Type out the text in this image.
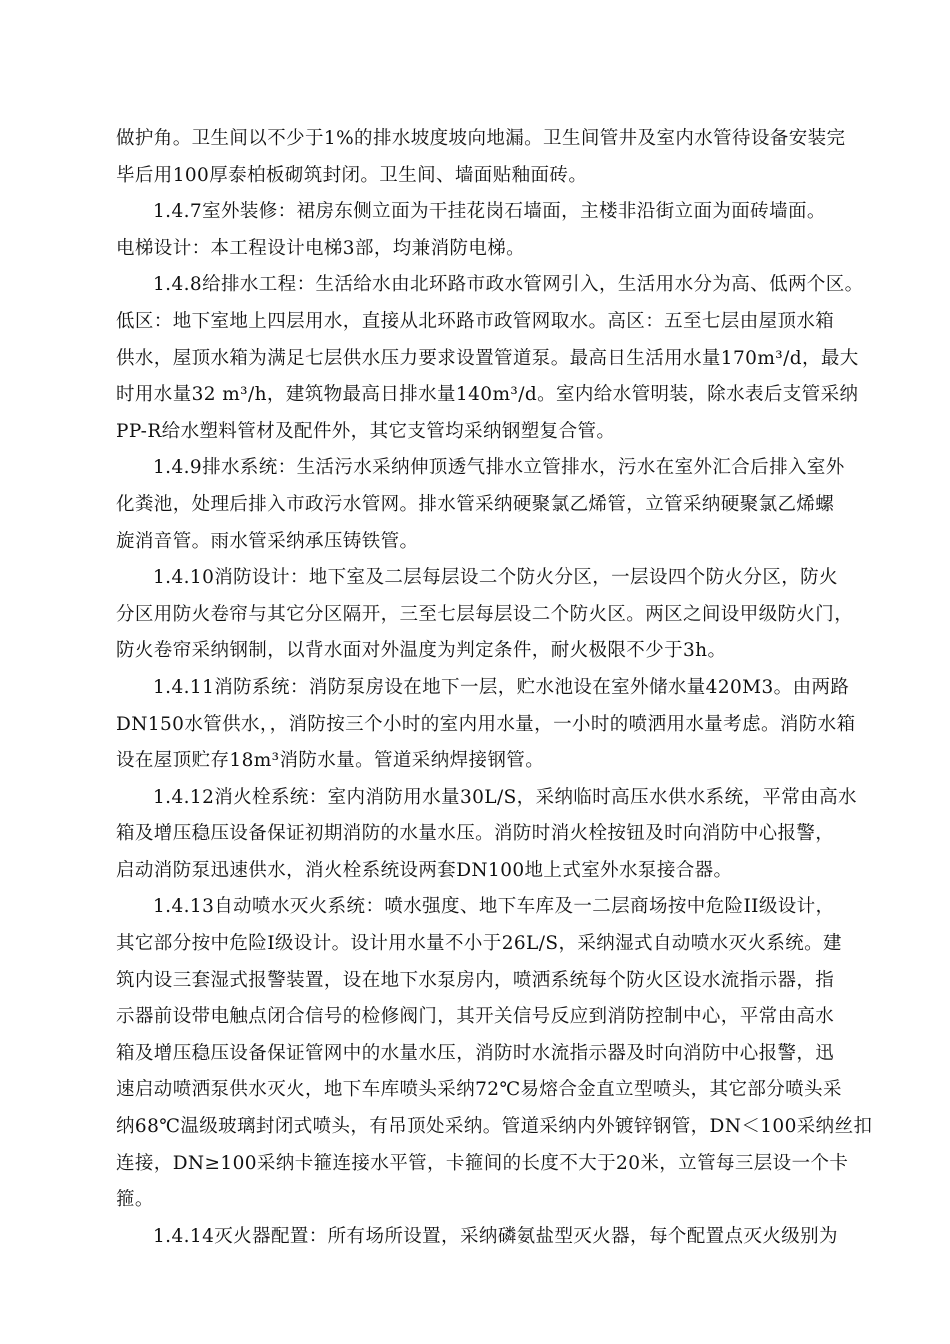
做护角。卫生间以不少于1%的排水坡度坡向地漏。卫生间管井及室内水管待设备安装完
毕后用100厚泰柏板砌筑封闭。卫生间、墙面贴釉面砖。
1.4.7室外装修：裙房东侧立面为干挂花岗石墙面，主楼非沿街立面为面砖墙面。
电梯设计：本工程设计电梯3部，均兼消防电梯。
1.4.8给排水工程：生活给水由北环路市政水管网引入，生活用水分为高、低两个区。
低区：地下室地上四层用水，直接从北环路市政管网取水。高区：五至七层由屋顶水箱
供水，屋顶水箱为满足七层供水压力要求设置管道泵。最高日生活用水量170m³/d，最大
时用水量32 m³/h，建筑物最高日排水量140m³/d。室内给水管明装，除水表后支管采纳
PP-R给水塑料管材及配件外，其它支管均采纳钢塑复合管。
1.4.9排水系统：生活污水采纳伸顶透气排水立管排水，污水在室外汇合后排入室外
化粪池，处理后排入市政污水管网。排水管采纳硬聚氯乙烯管，立管采纳硬聚氯乙烯螺
旋消音管。雨水管采纳承压铸铁管。
1.4.10消防设计：地下室及二层每层设二个防火分区，一层设四个防火分区，防火
分区用防火卷帘与其它分区隔开，三至七层每层设二个防火区。两区之间设甲级防火门，
防火卷帘采纳钢制，以背水面对外温度为判定条件，耐火极限不少于3h。
1.4.11消防系统：消防泵房设在地下一层，贮水池设在室外储水量420M3。由两路
DN150水管供水，，消防按三个小时的室内用水量，一小时的喷洒用水量考虑。消防水箱
设在屋顶贮存18m³消防水量。管道采纳焊接钢管。
1.4.12消火栓系统：室内消防用水量30L/S，采纳临时高压水供水系统，平常由高水
箱及增压稳压设备保证初期消防的水量水压。消防时消火栓按钮及时向消防中心报警，
启动消防泵迅速供水，消火栓系统设两套DN100地上式室外水泵接合器。
1.4.13自动喷水灭火系统：喷水强度、地下车库及一二层商场按中危险II级设计，
其它部分按中危险I级设计。设计用水量不小于26L/S，采纳湿式自动喷水灭火系统。建
筑内设三套湿式报警装置，设在地下水泵房内，喷洒系统每个防火区设水流指示器，指
示器前设带电触点闭合信号的检修阀门，其开关信号反应到消防控制中心，平常由高水
箱及增压稳压设备保证管网中的水量水压，消防时水流指示器及时向消防中心报警，迅
速启动喷洒泵供水灭火，地下车库喷头采纳72℃易熔合金直立型喷头，其它部分喷头采
纳68℃温级玻璃封闭式喷头，有吊顶处采纳。管道采纳内外镀锌钢管，DN＜100采纳丝扣
连接，DN≥100采纳卡箍连接水平管，卡箍间的长度不大于20米，立管每三层设一个卡
箍。
1.4.14灭火器配置：所有场所设置，采纳磷氨盐型灭火器，每个配置点灭火级别为
